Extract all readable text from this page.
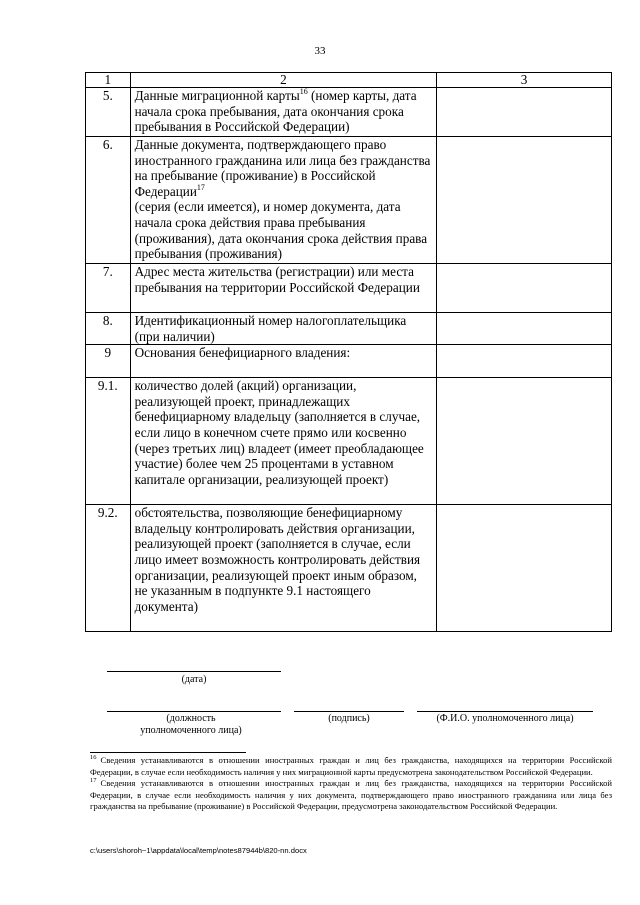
33
1	2	3
5.	Данные миграционной карты$^{16}$ (номер карты, дата начала срока пребывания, дата окончания срока пребывания в Российской Федерации)	
6.	Данные документа, подтверждающего право иностранного гражданина или лица без гражданства на пребывание (проживание) в Российской Федерации$^{17}$
(серия (если имеется), и номер документа, дата начала срока действия права пребывания (проживания), дата окончания срока действия права пребывания (проживания)	
7.	Адрес места жительства (регистрации) или места пребывания на территории Российской Федерации	
8.	Идентификационный номер налогоплательщика (при наличии)	
9	Основания бенефициарного владения:	
9.1.	количество долей (акций) организации, реализующей проект, принадлежащих бенефициарному владельцу (заполняется в случае, если лицо в конечном счете прямо или косвенно (через третьих лиц) владеет (имеет преобладающее участие) более чем 25 процентами в уставном капитале организации, реализующей проект)	
9.2.	обстоятельства, позволяющие бенефициарному владельцу контролировать действия организации, реализующей проект (заполняется в случае, если лицо имеет возможность контролировать действия организации, реализующей проект иным образом, не указанным в подпункте 9.1 настоящего документа)	
(дата)
(должность уполномоченного лица)
(подпись)	(Ф.И.О. уполномоченного лица)

$^{16}$ Сведения устанавливаются в отношении иностранных граждан и лиц без гражданства, находящихся на территории Российской Федерации, в случае если необходимость наличия у них миграционной карты предусмотрена законодательством Российской Федерации.

$^{17}$ Сведения устанавливаются в отношении иностранных граждан и лиц без гражданства, находящихся на территории Российской Федерации, в случае если необходимость наличия у них документа, подтверждающего право иностранного гражданина или лица без гражданства на пребывание (проживание) в Российской Федерации, предусмотрена законодательством Российской Федерации.

c:\users\shoroh~1\appdata\local\temp\notes87944b\820-nn.docx
